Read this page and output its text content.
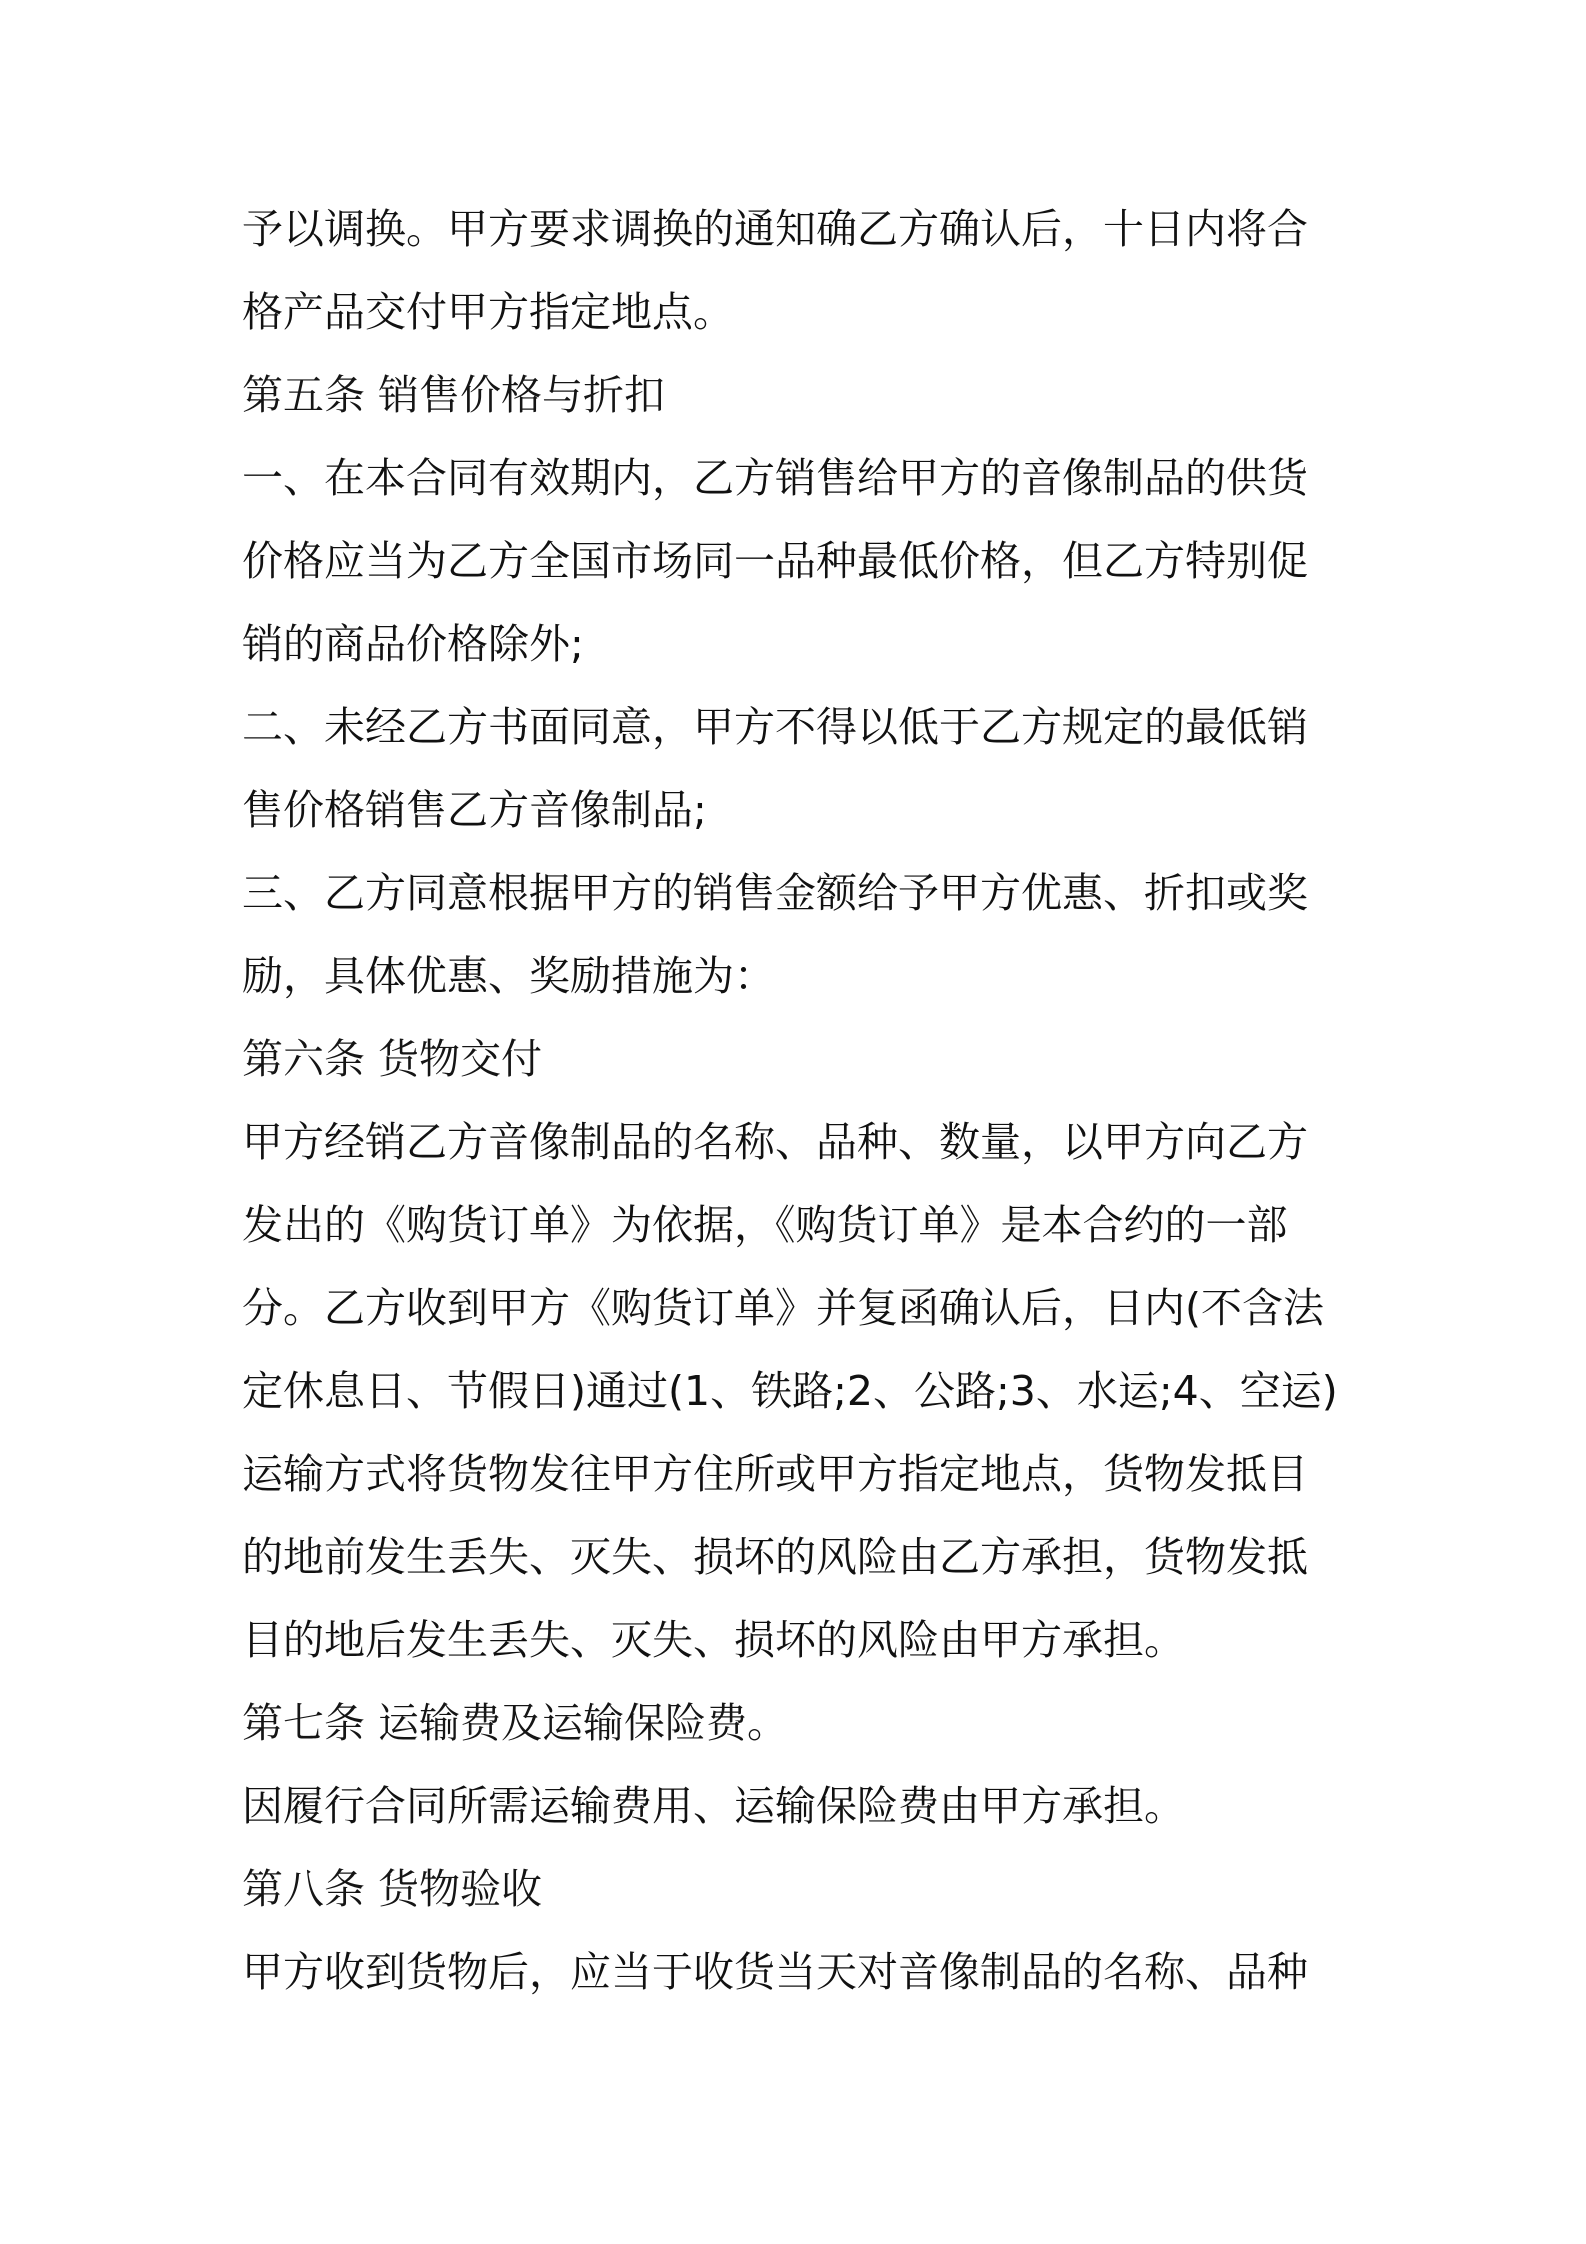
予以调换。甲方要求调换的通知确乙方确认后，十日内将合
格产品交付甲方指定地点。
第五条 销售价格与折扣
一、在本合同有效期内，乙方销售给甲方的音像制品的供货
价格应当为乙方全国市场同一品种最低价格，但乙方特别促
销的商品价格除外;
二、未经乙方书面同意，甲方不得以低于乙方规定的最低销
售价格销售乙方音像制品;
三、乙方同意根据甲方的销售金额给予甲方优惠、折扣或奖
励，具体优惠、奖励措施为：
第六条 货物交付
甲方经销乙方音像制品的名称、品种、数量，以甲方向乙方
发出的《购货订单》为依据，《购货订单》是本合约的一部
分。乙方收到甲方《购货订单》并复函确认后，日内(不含法
定休息日、节假日)通过(1、铁路;2、公路;3、水运;4、空运)
运输方式将货物发往甲方住所或甲方指定地点，货物发抵目
的地前发生丢失、灭失、损坏的风险由乙方承担，货物发抵
目的地后发生丢失、灭失、损坏的风险由甲方承担。
第七条 运输费及运输保险费。
因履行合同所需运输费用、运输保险费由甲方承担。
第八条 货物验收
甲方收到货物后，应当于收货当天对音像制品的名称、品种
